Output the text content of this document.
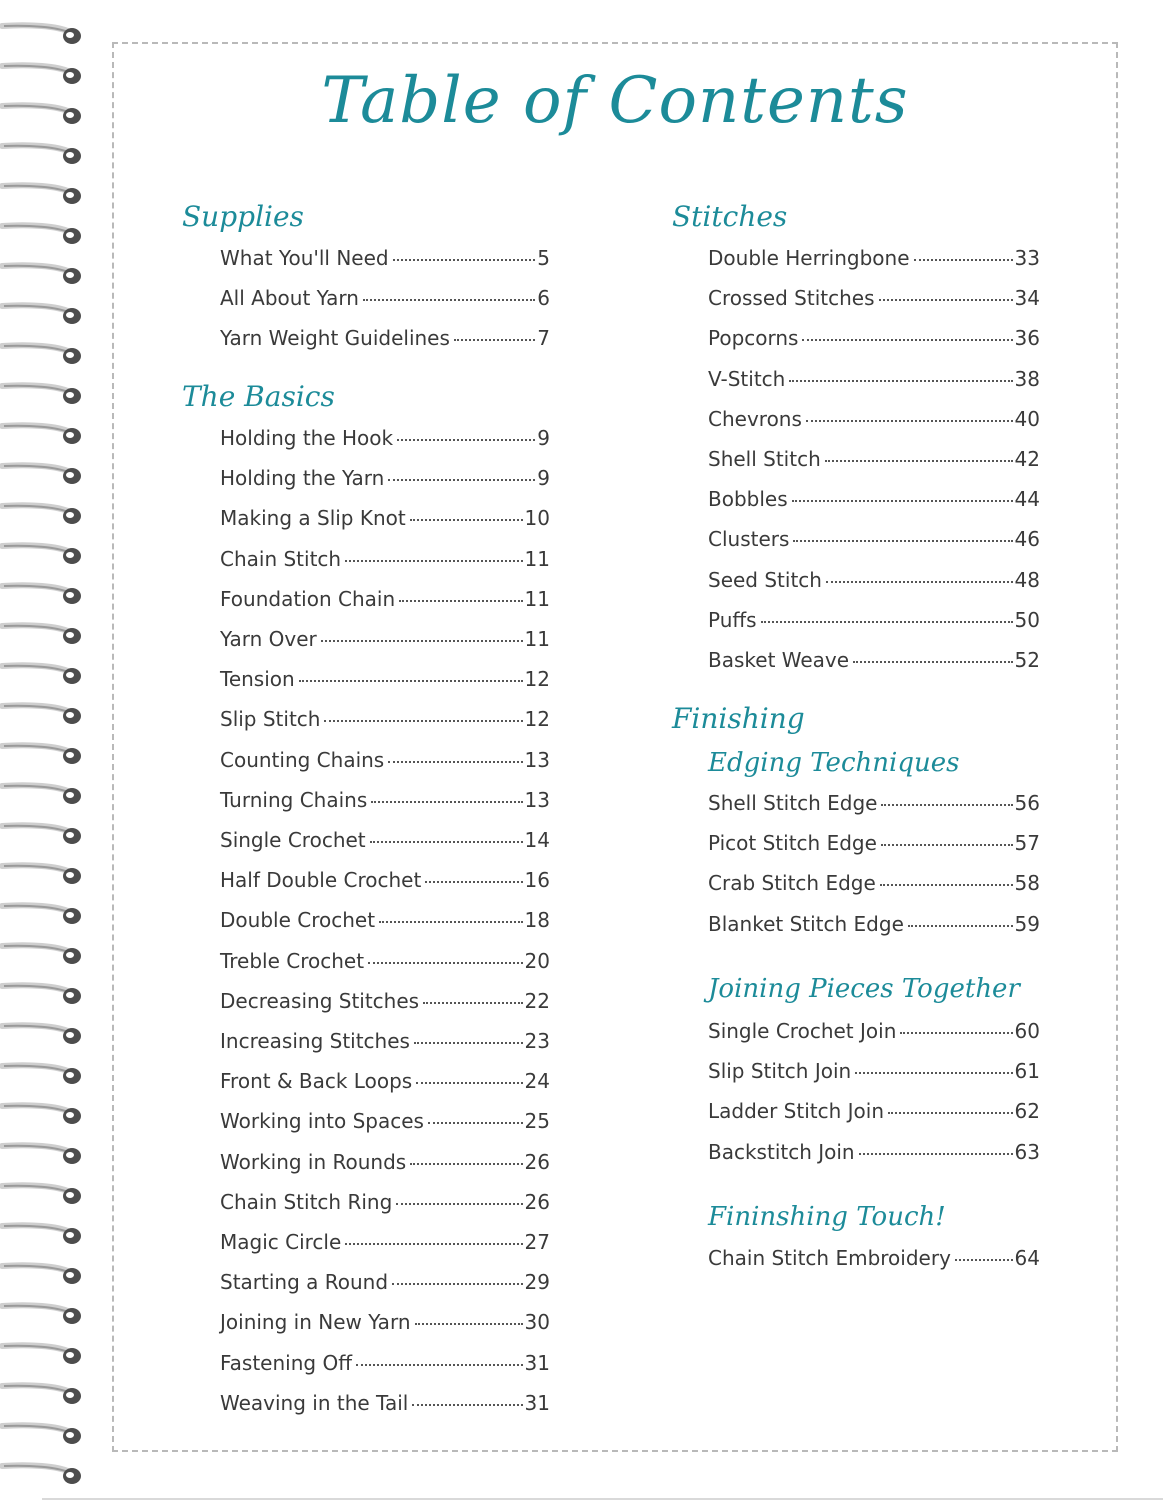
Table of Contents
Supplies
What You'll Need	5
All About Yarn	6
Yarn Weight Guidelines	7
The Basics
Holding the Hook	9
Holding the Yarn	9
Making a Slip Knot	10
Chain Stitch	11
Foundation Chain	11
Yarn Over	11
Tension	12
Slip Stitch	12
Counting Chains	13
Turning Chains	13
Single Crochet	14
Half Double Crochet	16
Double Crochet	18
Treble Crochet	20
Decreasing Stitches	22
Increasing Stitches	23
Front & Back Loops	24
Working into Spaces	25
Working in Rounds	26
Chain Stitch Ring	26
Magic Circle	27
Starting a Round	29
Joining in New Yarn	30
Fastening Off	31
Weaving in the Tail	31
Stitches
Double Herringbone	33
Crossed Stitches	34
Popcorns	36
V-Stitch	38
Chevrons	40
Shell Stitch	42
Bobbles	44
Clusters	46
Seed Stitch	48
Puffs	50
Basket Weave	52
Finishing
Edging Techniques
Shell Stitch Edge	56
Picot Stitch Edge	57
Crab Stitch Edge	58
Blanket Stitch Edge	59
Joining Pieces Together
Single Crochet Join	60
Slip Stitch Join	61
Ladder Stitch Join	62
Backstitch Join	63
Fininshing Touch!
Chain Stitch Embroidery	64
